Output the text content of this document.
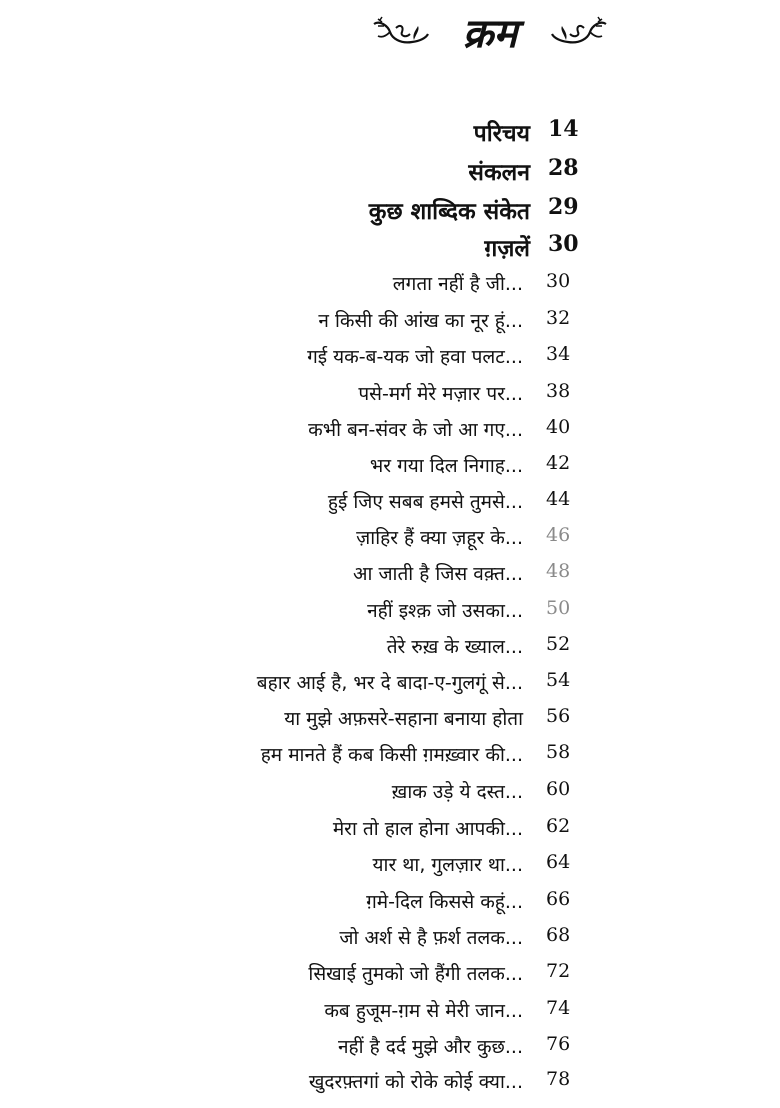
क्रम
परिचय 14
संकलन 28
कुछ शाब्दिक संकेत 29
ग़ज़लें 30
लगता नहीं है जी... 30
न किसी की आंख का नूर हूं... 32
गई यक-ब-यक जो हवा पलट... 34
पसे-मर्ग मेरे मज़ार पर... 38
कभी बन-संवर के जो आ गए... 40
भर गया दिल निगाह... 42
हुई जिए सबब हमसे तुमसे... 44
ज़ाहिर हैं क्या ज़हूर के... 46
आ जाती है जिस वक़्त... 48
नहीं इश्क़ जो उसका... 50
तेरे रुख़ के ख्याल... 52
बहार आई है, भर दे बादा-ए-गुलगूं से... 54
या मुझे अफ़सरे-सहाना बनाया होता 56
हम मानते हैं कब किसी ग़मख़्वार की... 58
ख़ाक उड़े ये दस्त... 60
मेरा तो हाल होना आपकी... 62
यार था, गुलज़ार था... 64
ग़मे-दिल किससे कहूं... 66
जो अर्श से है फ़र्श तलक... 68
सिखाई तुमको जो हैंगी तलक... 72
कब हुजूम-ग़म से मेरी जान... 74
नहीं है दर्द मुझे और कुछ... 76
खुदरफ़्तगां को रोके कोई क्या... 78
